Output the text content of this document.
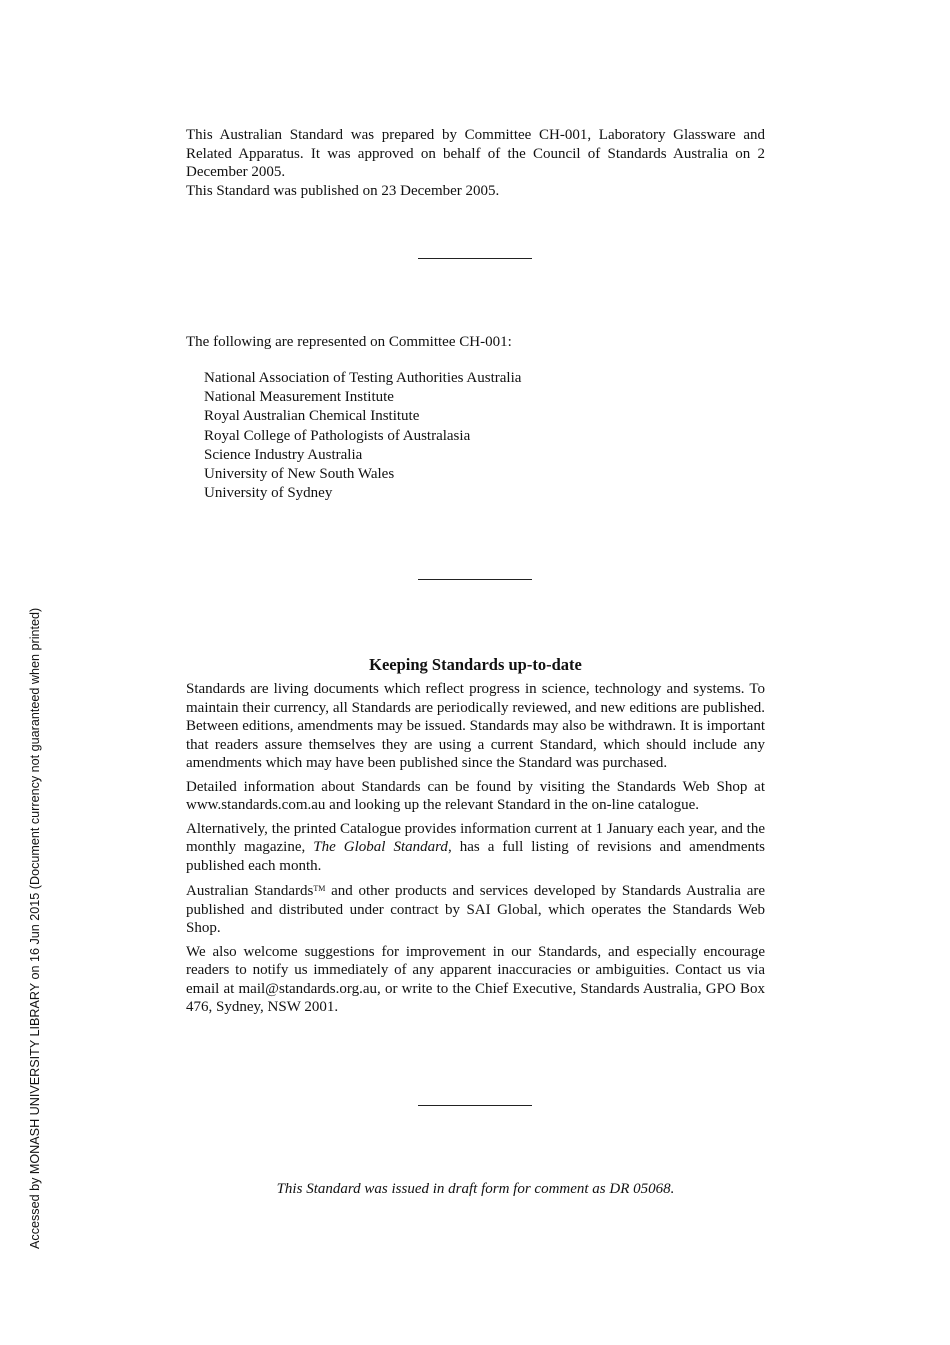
This Australian Standard was prepared by Committee CH-001, Laboratory Glassware and Related Apparatus. It was approved on behalf of the Council of Standards Australia on 2 December 2005.

This Standard was published on 23 December 2005.

The following are represented on Committee CH-001:
National Association of Testing Authorities Australia
National Measurement Institute
Royal Australian Chemical Institute
Royal College of Pathologists of Australasia
Science Industry Australia
University of New South Wales
University of Sydney
Keeping Standards up-to-date

Standards are living documents which reflect progress in science, technology and systems. To maintain their currency, all Standards are periodically reviewed, and new editions are published. Between editions, amendments may be issued. Standards may also be withdrawn. It is important that readers assure themselves they are using a current Standard, which should include any amendments which may have been published since the Standard was purchased.

Detailed information about Standards can be found by visiting the Standards Web Shop at www.standards.com.au and looking up the relevant Standard in the on-line catalogue.

Alternatively, the printed Catalogue provides information current at 1 January each year, and the monthly magazine, The Global Standard, has a full listing of revisions and amendments published each month.

Australian Standards™ and other products and services developed by Standards Australia are published and distributed under contract by SAI Global, which operates the Standards Web Shop.

We also welcome suggestions for improvement in our Standards, and especially encourage readers to notify us immediately of any apparent inaccuracies or ambiguities. Contact us via email at mail@standards.org.au, or write to the Chief Executive, Standards Australia, GPO Box 476, Sydney, NSW 2001.

This Standard was issued in draft form for comment as DR 05068.
Accessed by MONASH UNIVERSITY LIBRARY on 16 Jun 2015 (Document currency not guaranteed when printed)
